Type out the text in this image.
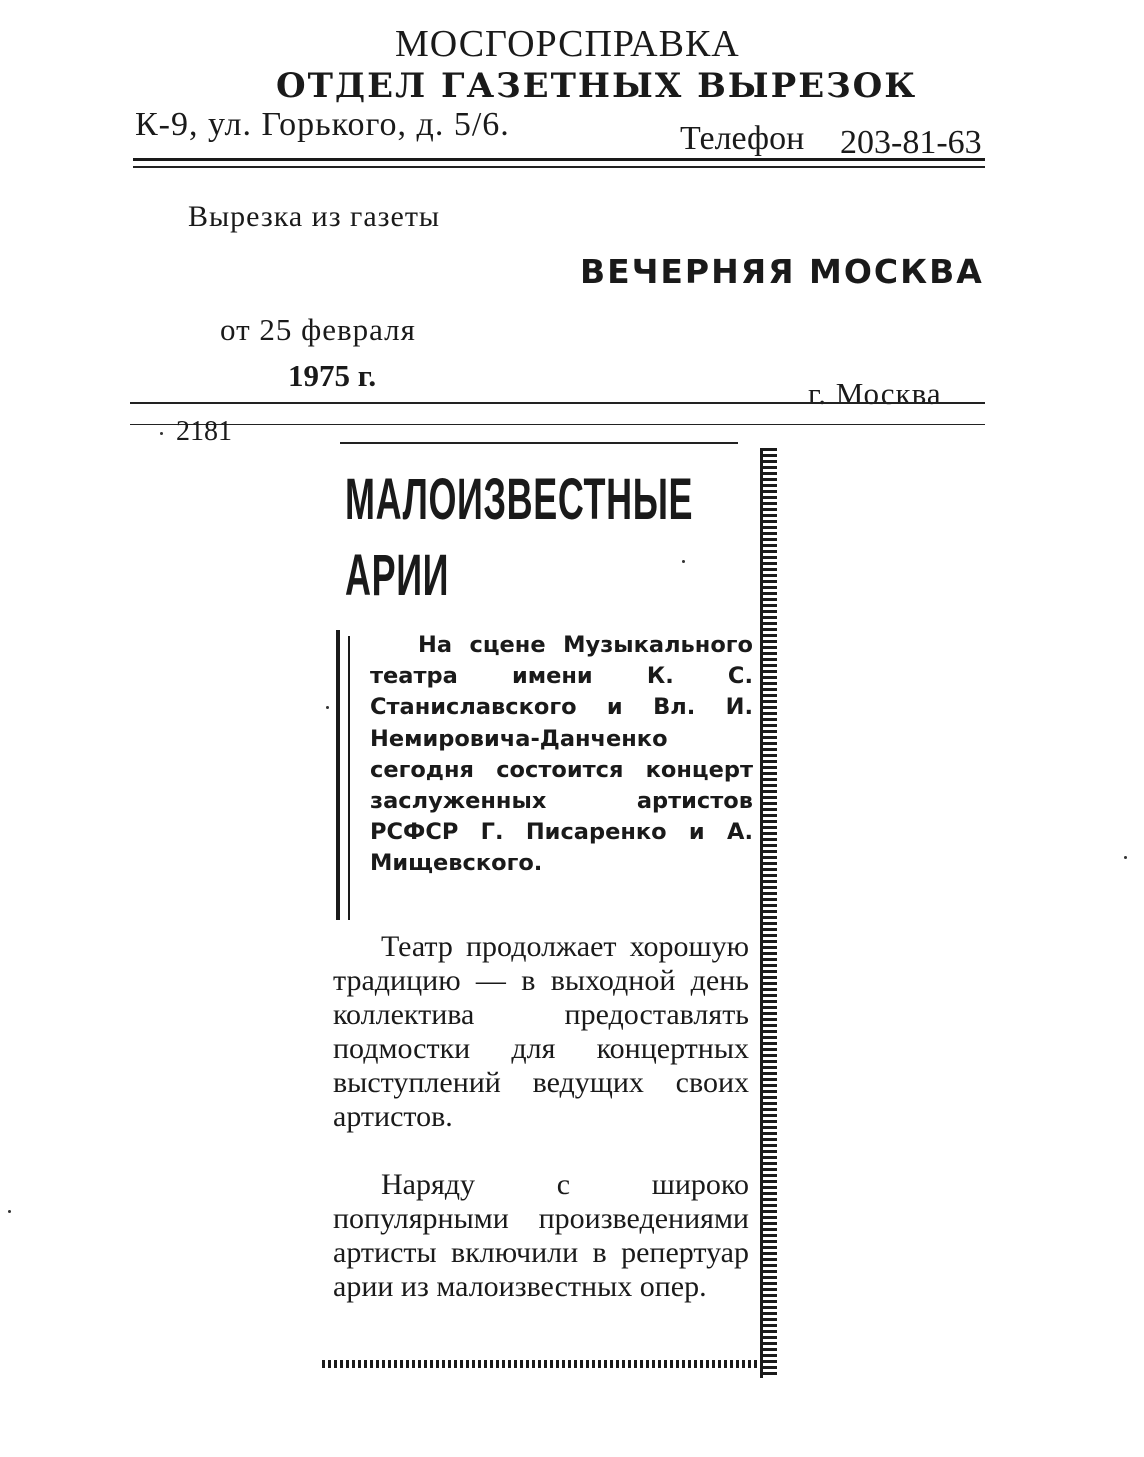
МОСГОРСПРАВКА
ОТДЕЛ ГАЗЕТНЫХ ВЫРЕЗОК
К-9, ул. Горького, д. 5/6.	Телефон 203-81-63
Вырезка из газеты
ВЕЧЕРНЯЯ МОСКВА
от 25 февраля
1975 г.
г. Москва
2181
МАЛОИЗВЕСТНЫЕ
АРИИ
На сцене Музыкального театра имени К. С. Станиславского и Вл. И. Немировича-Данченко сегодня состоится концерт заслуженных артистов РСФСР Г. Писаренко и А. Мищевского.
Театр продолжает хорошую традицию — в выходной день коллектива предоставлять подмостки для концертных выступлений ведущих своих артистов.
Наряду с широко популярными произведениями артисты включили в репертуар арии из малоизвестных опер.
